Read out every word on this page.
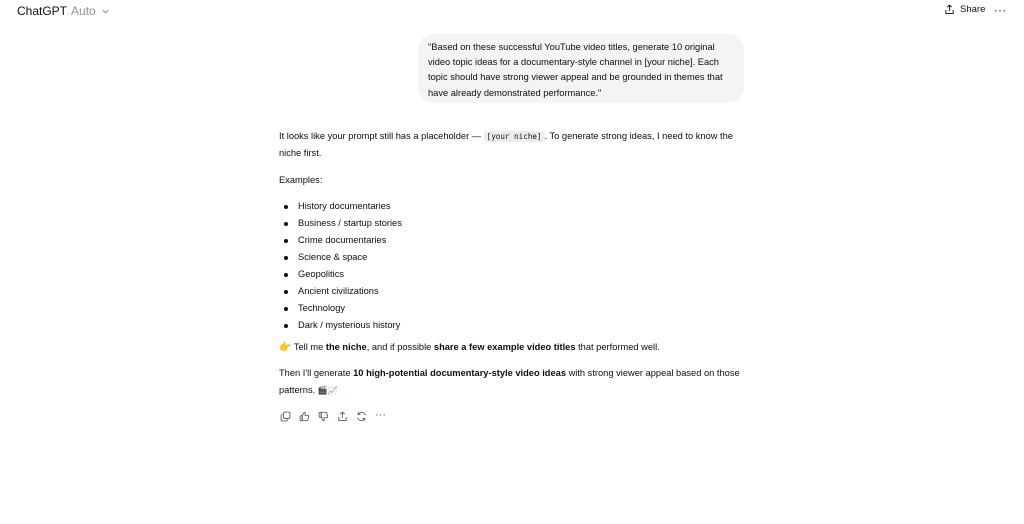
ChatGPT Auto	Share ···
"Based on these successful YouTube video titles, generate 10 original video topic ideas for a documentary-style channel in [your niche]. Each topic should have strong viewer appeal and be grounded in themes that have already demonstrated performance."

It looks like your prompt still has a placeholder — [your niche] . To generate strong ideas, I need to know the niche first.

Examples:

History documentaries
Business / startup stories
Crime documentaries
Science & space
Geopolitics
Ancient civilizations
Technology
Dark / mysterious history

👉 Tell me the niche, and if possible share a few example video titles that performed well.

Then I'll generate 10 high-potential documentary-style video ideas with strong viewer appeal based on those patterns. 🎬📈

···
